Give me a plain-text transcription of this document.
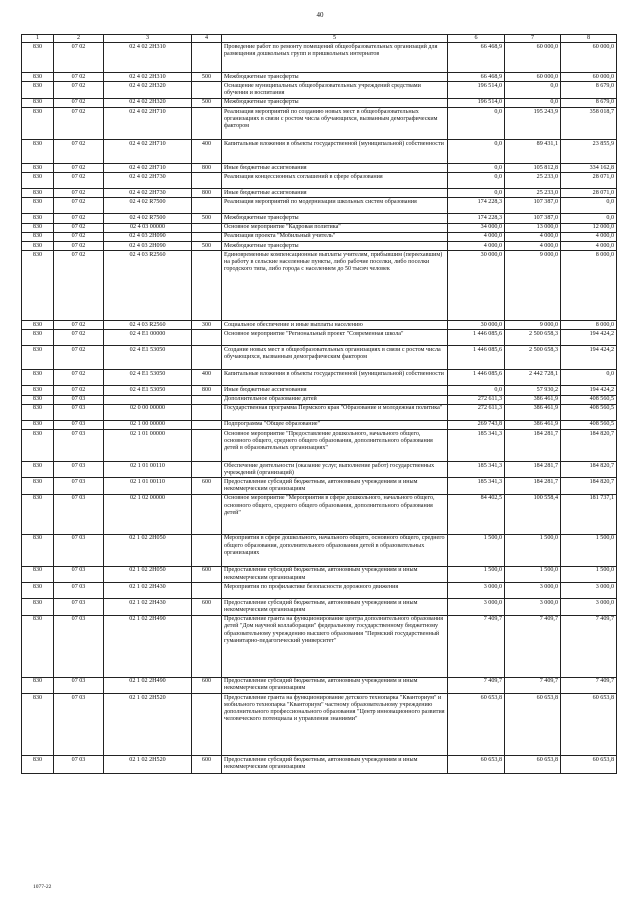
40
1	2	3	4	5	6	7	8
830	07 02	02 4 02 2H310		Проведение работ по ремонту помещений общеобразовательных организаций для размещения дошкольных групп и пришкольных интернатов	66 468,9	60 000,0	60 000,0
830	07 02	02 4 02 2H310	500	Межбюджетные трансферты	66 468,9	60 000,0	60 000,0
830	07 02	02 4 02 2H320		Оснащение муниципальных общеобразовательных учреждений средствами обучения и воспитания	196 514,0	0,0	8 679,0
830	07 02	02 4 02 2H320	500	Межбюджетные трансферты	196 514,0	0,0	8 679,0
830	07 02	02 4 02 2H710		Реализация мероприятий по созданию новых мест в общеобразовательных организациях в связи с ростом числа обучающихся, вызванным демографическим фактором	0,0	195 243,9	358 018,7
830	07 02	02 4 02 2H710	400	Капитальные вложения в объекты государственной (муниципальной) собственности	0,0	89 431,1	23 855,9
830	07 02	02 4 02 2H710	800	Иные бюджетные ассигнования	0,0	105 812,8	334 162,8
830	07 02	02 4 02 2H730		Реализация концессионных соглашений в сфере образования	0,0	25 233,0	28 071,0
830	07 02	02 4 02 2H730	800	Иные бюджетные ассигнования	0,0	25 233,0	28 071,0
830	07 02	02 4 02 R7500		Реализация мероприятий по модернизации школьных систем образования	174 228,3	107 387,0	0,0
830	07 02	02 4 02 R7500	500	Межбюджетные трансферты	174 228,3	107 387,0	0,0
830	07 02	02 4 03 00000		Основное мероприятие "Кадровая политика"	34 000,0	13 000,0	12 000,0
830	07 02	02 4 03 2H090		Реализация проекта "Мобильный учитель"	4 000,0	4 000,0	4 000,0
830	07 02	02 4 03 2H090	500	Межбюджетные трансферты	4 000,0	4 000,0	4 000,0
830	07 02	02 4 03 R2560		Единовременные компенсационные выплаты учителям, прибывшим (переехавшим) на работу в сельские населенные пункты, либо рабочие поселки, либо поселки городского типа, либо города с населением до 50 тысяч человек	30 000,0	9 000,0	8 000,0
830	07 02	02 4 03 R2560	300	Социальное обеспечение и иные выплаты населению	30 000,0	9 000,0	8 000,0
830	07 02	02 4 E1 00000		Основное мероприятие "Региональный проект "Современная школа"	1 446 085,6	2 500 658,3	194 424,2
830	07 02	02 4 E1 53050		Создание новых мест в общеобразовательных организациях в связи с ростом числа обучающихся, вызванным демографическим фактором	1 446 085,6	2 500 658,3	194 424,2
830	07 02	02 4 E1 53050	400	Капитальные вложения в объекты государственной (муниципальной) собственности	1 446 085,6	2 442 728,1	0,0
830	07 02	02 4 E1 53050	800	Иные бюджетные ассигнования	0,0	57 930,2	194 424,2
830	07 03			Дополнительное образование детей	272 611,3	386 461,9	408 560,5
830	07 03	02 0 00 00000		Государственная программа Пермского края "Образование и молодежная политика"	272 611,3	386 461,9	408 560,5
830	07 03	02 1 00 00000		Подпрограмма "Общее образование"	269 743,8	386 461,9	408 560,5
830	07 03	02 1 01 00000		Основное мероприятие "Предоставление дошкольного, начального общего, основного общего, среднего общего образования, дополнительного образования детей в образовательных организациях"	185 341,3	184 281,7	184 820,7
830	07 03	02 1 01 00110		Обеспечение деятельности (оказание услуг, выполнение работ) государственных учреждений (организаций)	185 341,3	184 281,7	184 820,7
830	07 03	02 1 01 00110	600	Предоставление субсидий бюджетным, автономным учреждениям и иным некоммерческим организациям	185 341,3	184 281,7	184 820,7
830	07 03	02 1 02 00000		Основное мероприятие "Мероприятия в сфере дошкольного, начального общего, основного общего, среднего общего образования, дополнительного образования детей"	84 402,5	100 558,4	181 737,1
830	07 03	02 1 02 2H050		Мероприятия в сфере дошкольного, начального общего, основного общего, среднего общего образования, дополнительного образования детей в образовательных организациях	1 500,0	1 500,0	1 500,0
830	07 03	02 1 02 2H050	600	Предоставление субсидий бюджетным, автономным учреждениям и иным некоммерческим организациям	1 500,0	1 500,0	1 500,0
830	07 03	02 1 02 2H430		Мероприятия по профилактике безопасности дорожного движения	3 000,0	3 000,0	3 000,0
830	07 03	02 1 02 2H430	600	Предоставление субсидий бюджетным, автономным учреждениям и иным некоммерческим организациям	3 000,0	3 000,0	3 000,0
830	07 03	02 1 02 2H490		Предоставление гранта на функционирование центра дополнительного образования детей "Дом научной коллаборации" федеральному государственному бюджетному образовательному учреждению высшего образования "Пермский государственный гуманитарно-педагогический университет"	7 409,7	7 409,7	7 409,7
830	07 03	02 1 02 2H490	600	Предоставление субсидий бюджетным, автономным учреждениям и иным некоммерческим организациям	7 409,7	7 409,7	7 409,7
830	07 03	02 1 02 2H520		Предоставление гранта на функционирование детского технопарка "Кванториум" и мобильного технопарка "Кванториум" частному образовательному учреждению дополнительного профессионального образования "Центр инновационного развития человеческого потенциала и управления знаниями"	60 653,8	60 653,8	60 653,8
830	07 03	02 1 02 2H520	600	Предоставление субсидий бюджетным, автономным учреждениям и иным некоммерческим организациям	60 653,8	60 653,8	60 653,8
1077-22
